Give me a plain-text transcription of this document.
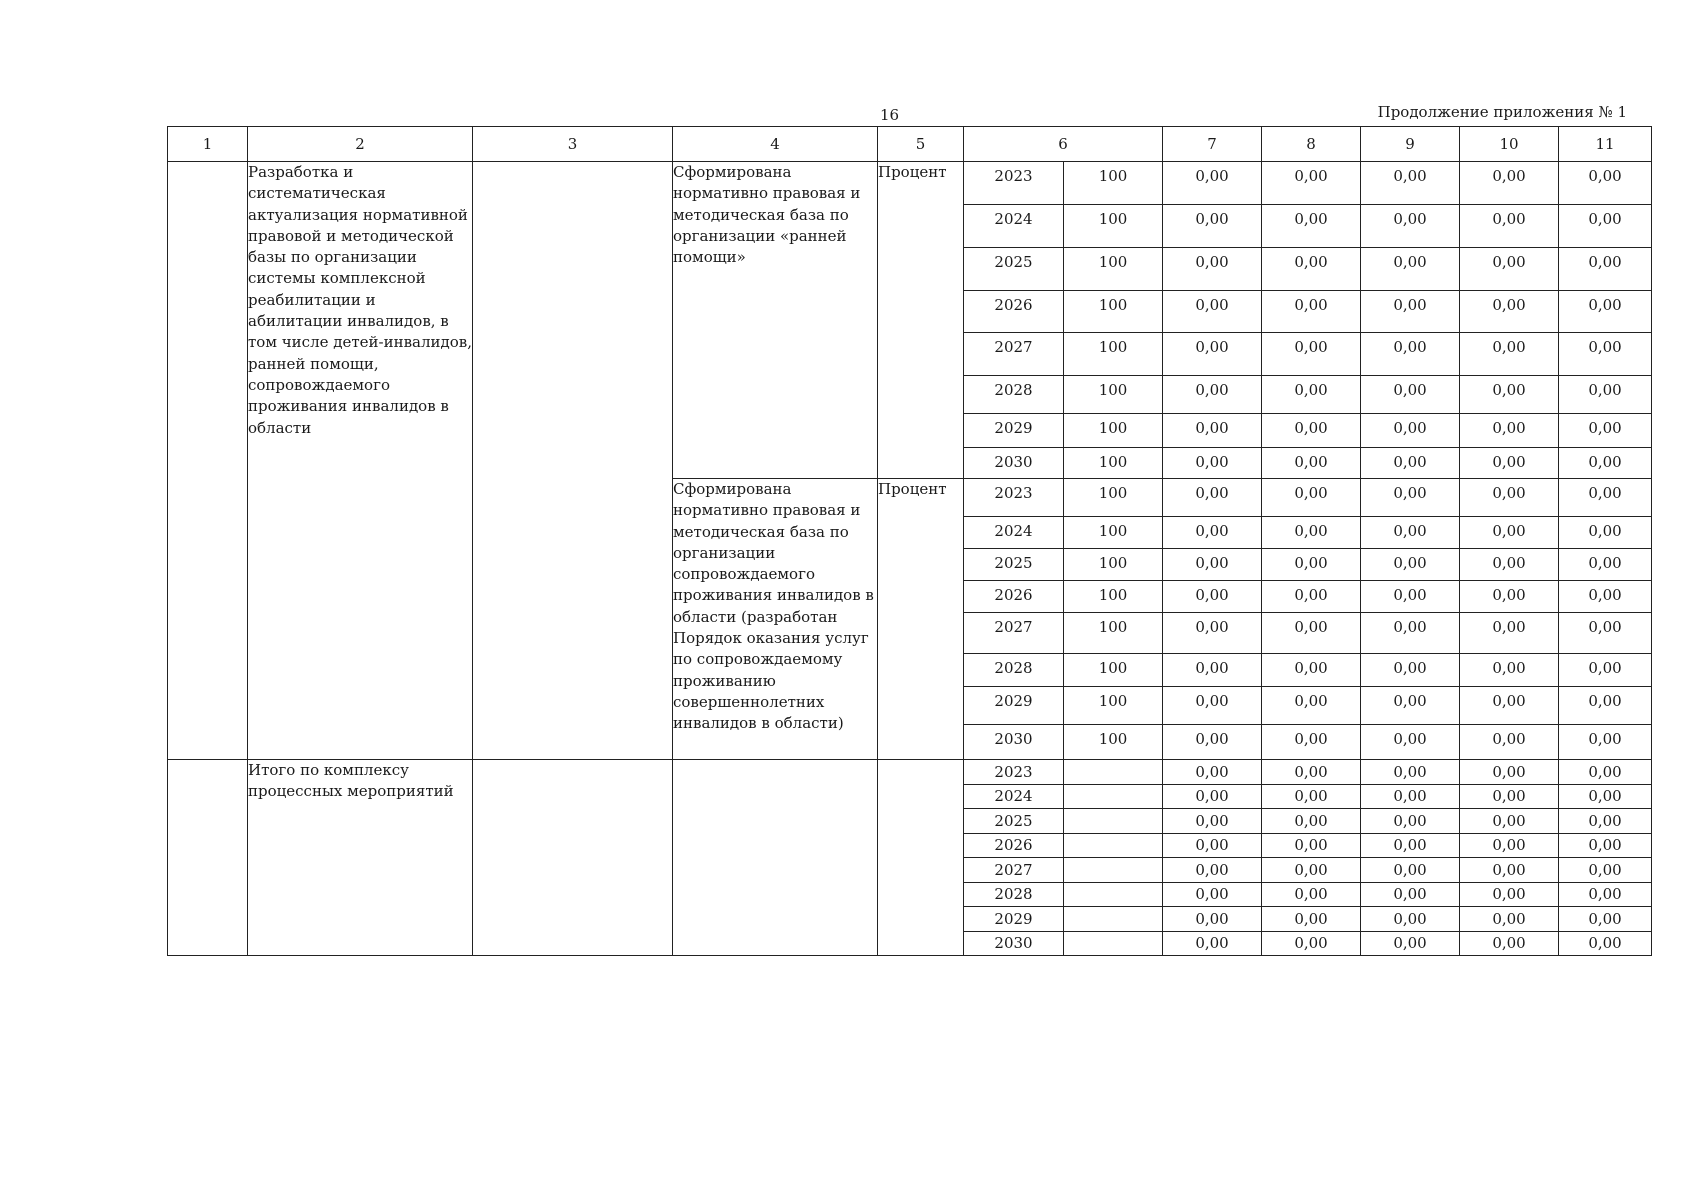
16	Продолжение приложения № 1
1	2	3	4	5	6		7	8	9	10	11
	Разработка и систематическая актуализация нормативной правовой и методической базы по организации системы комплексной реабилитации и абилитации инвалидов, в том числе детей-инвалидов, ранней помощи, сопровождаемого проживания инвалидов в области		Сформирована нормативно правовая и методическая база по организации «ранней помощи»	Процент	2023	100	0,00	0,00	0,00	0,00	0,00
					2024	100	0,00	0,00	0,00	0,00	0,00
					2025	100	0,00	0,00	0,00	0,00	0,00
					2026	100	0,00	0,00	0,00	0,00	0,00
					2027	100	0,00	0,00	0,00	0,00	0,00
					2028	100	0,00	0,00	0,00	0,00	0,00
					2029	100	0,00	0,00	0,00	0,00	0,00
					2030	100	0,00	0,00	0,00	0,00	0,00
			Сформирована нормативно правовая и методическая база по организации сопровождаемого проживания инвалидов в области (разработан Порядок оказания услуг по сопровождаемому проживанию совершеннолетних инвалидов в области)	Процент	2023	100	0,00	0,00	0,00	0,00	0,00
					2024	100	0,00	0,00	0,00	0,00	0,00
					2025	100	0,00	0,00	0,00	0,00	0,00
					2026	100	0,00	0,00	0,00	0,00	0,00
					2027	100	0,00	0,00	0,00	0,00	0,00
					2028	100	0,00	0,00	0,00	0,00	0,00
					2029	100	0,00	0,00	0,00	0,00	0,00
					2030	100	0,00	0,00	0,00	0,00	0,00
	Итого по комплексу процессных мероприятий				2023		0,00	0,00	0,00	0,00	0,00
					2024		0,00	0,00	0,00	0,00	0,00
					2025		0,00	0,00	0,00	0,00	0,00
					2026		0,00	0,00	0,00	0,00	0,00
					2027		0,00	0,00	0,00	0,00	0,00
					2028		0,00	0,00	0,00	0,00	0,00
					2029		0,00	0,00	0,00	0,00	0,00
					2030		0,00	0,00	0,00	0,00	0,00
